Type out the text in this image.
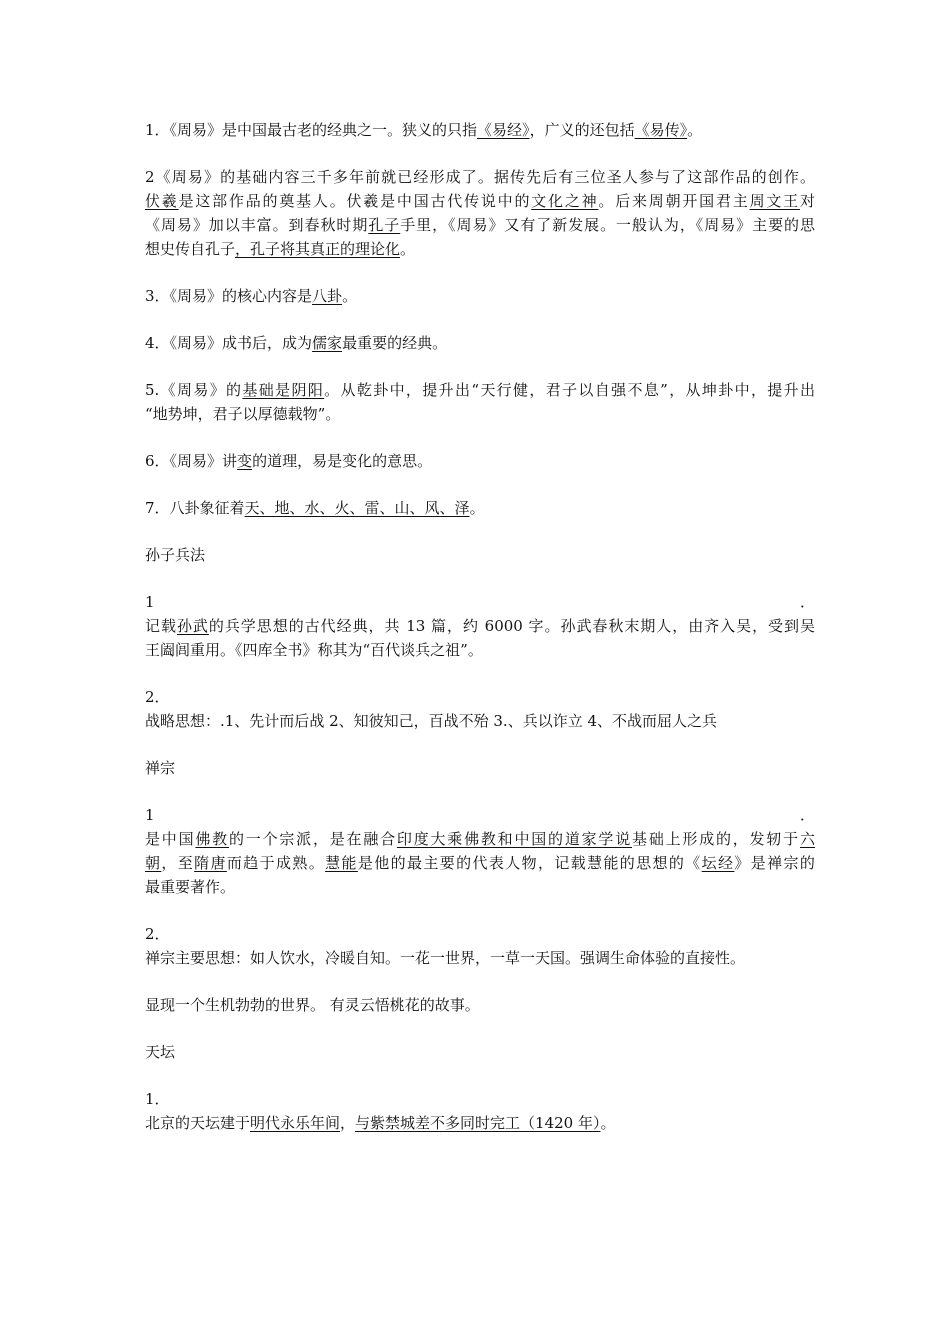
1．《周易》是中国最古老的经典之一。狭义的只指《易经》，广义的还包括《易传》。
2《周易》的基础内容三千多年前就已经形成了。据传先后有三位圣人参与了这部作品的创作。
伏羲是这部作品的奠基人。伏羲是中国古代传说中的文化之神。后来周朝开国君主周文王对
《周易》加以丰富。到春秋时期孔子手里，《周易》又有了新发展。一般认为，《周易》主要的思
想史传自孔子，孔子将其真正的理论化。
3．《周易》的核心内容是八卦。
4．《周易》成书后，成为儒家最重要的经典。
5.《周易》的基础是阴阳。从乾卦中，提升出“天行健，君子以自强不息”，从坤卦中，提升出
“地势坤，君子以厚德载物”。
6．《周易》讲变的道理，易是变化的意思。
7．八卦象征着天、地、水、火、雷、山、风、泽。
孙子兵法
1．
记载孙武的兵学思想的古代经典，共 13 篇，约 6000 字。孙武春秋末期人，由齐入吴，受到吴
王阖闾重用。《四库全书》称其为“百代谈兵之祖”。
2．
战略思想：.1、先计而后战 2、知彼知己，百战不殆 3.、兵以诈立 4、不战而屈人之兵
禅宗
1．
是中国佛教的一个宗派，是在融合印度大乘佛教和中国的道家学说基础上形成的，发轫于六
朝，至隋唐而趋于成熟。慧能是他的最主要的代表人物，记载慧能的思想的《坛经》是禅宗的
最重要著作。
2．
禅宗主要思想：如人饮水，冷暖自知。一花一世界，一草一天国。强调生命体验的直接性。
显现一个生机勃勃的世界。 有灵云悟桃花的故事。
天坛
1．
北京的天坛建于明代永乐年间，与紫禁城差不多同时完工（1420 年）。
